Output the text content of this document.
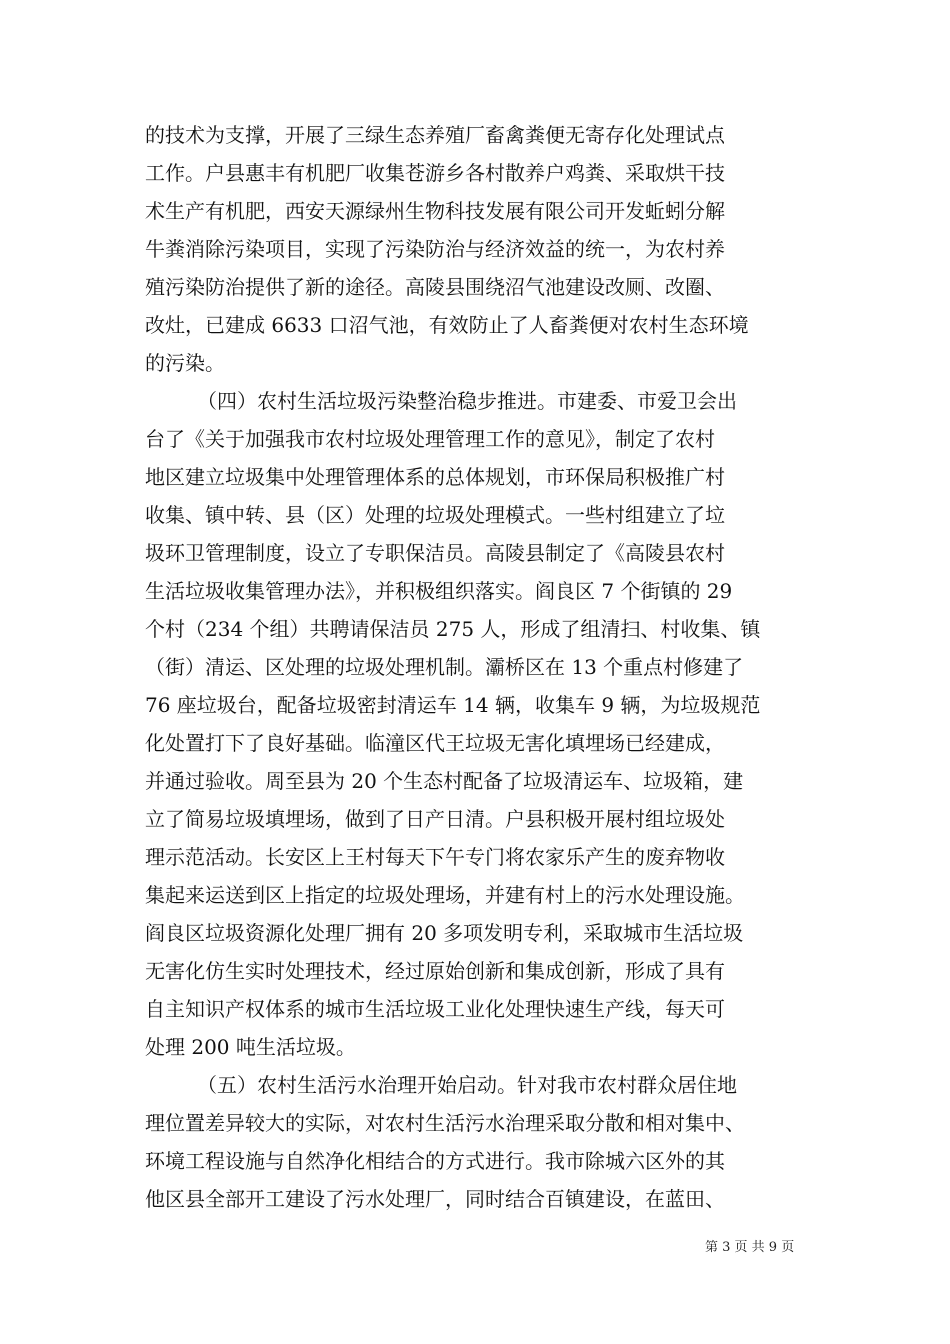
的技术为支撑，开展了三绿生态养殖厂畜禽粪便无寄存化处理试点
工作。户县惠丰有机肥厂收集苍游乡各村散养户鸡粪、采取烘干技
术生产有机肥，西安天源绿州生物科技发展有限公司开发蚯蚓分解
牛粪消除污染项目，实现了污染防治与经济效益的统一，为农村养
殖污染防治提供了新的途径。高陵县围绕沼气池建设改厕、改圈、
改灶，已建成 6633 口沼气池，有效防止了人畜粪便对农村生态环境
的污染。
（四）农村生活垃圾污染整治稳步推进。市建委、市爱卫会出
台了《关于加强我市农村垃圾处理管理工作的意见》，制定了农村
地区建立垃圾集中处理管理体系的总体规划，市环保局积极推广村
收集、镇中转、县（区）处理的垃圾处理模式。一些村组建立了垃
圾环卫管理制度，设立了专职保洁员。高陵县制定了《高陵县农村
生活垃圾收集管理办法》，并积极组织落实。阎良区 7 个街镇的 29
个村（234 个组）共聘请保洁员 275 人，形成了组清扫、村收集、镇
（街）清运、区处理的垃圾处理机制。灞桥区在 13 个重点村修建了
76 座垃圾台，配备垃圾密封清运车 14 辆，收集车 9 辆，为垃圾规范
化处置打下了良好基础。临潼区代王垃圾无害化填埋场已经建成，
并通过验收。周至县为 20 个生态村配备了垃圾清运车、垃圾箱，建
立了简易垃圾填埋场，做到了日产日清。户县积极开展村组垃圾处
理示范活动。长安区上王村每天下午专门将农家乐产生的废弃物收
集起来运送到区上指定的垃圾处理场，并建有村上的污水处理设施。
阎良区垃圾资源化处理厂拥有 20 多项发明专利，采取城市生活垃圾
无害化仿生实时处理技术，经过原始创新和集成创新，形成了具有
自主知识产权体系的城市生活垃圾工业化处理快速生产线，每天可
处理 200 吨生活垃圾。
（五）农村生活污水治理开始启动。针对我市农村群众居住地
理位置差异较大的实际，对农村生活污水治理采取分散和相对集中、
环境工程设施与自然净化相结合的方式进行。我市除城六区外的其
他区县全部开工建设了污水处理厂，同时结合百镇建设，在蓝田、
第 3 页 共 9 页
